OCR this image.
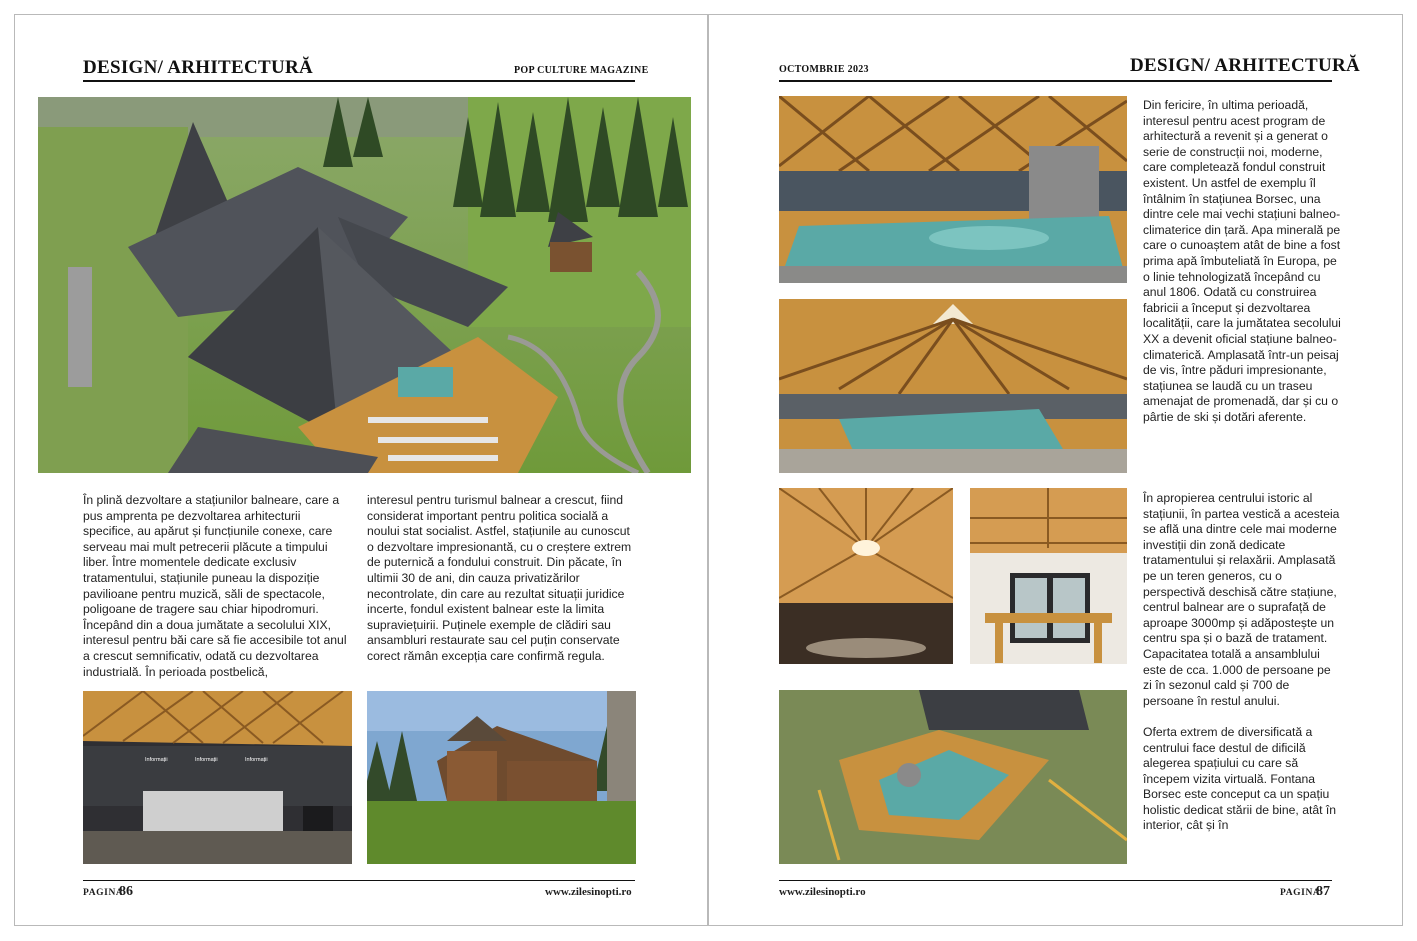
DESIGN/ ARHITECTURĂ	POP CULTURE MAGAZINE
În plină dezvoltare a stațiunilor balneare, care a pus amprenta pe dezvoltarea arhitecturii specifice, au apărut și funcțiunile conexe, care serveau mai mult petrecerii plăcute a timpului liber. Între momentele dedicate exclusiv tratamentului, stațiunile puneau la dispoziție pavilioane pentru muzică, săli de spectacole, poligoane de tragere sau chiar hipodromuri. Începând din a doua jumătate a secolului XIX, interesul pentru băi care să fie accesibile tot anul a crescut semnificativ, odată cu dezvoltarea industrială. În perioada postbelică,
interesul pentru turismul balnear a crescut, fiind considerat important pentru politica socială a noului stat socialist. Astfel, stațiunile au cunoscut o dezvoltare impresionantă, cu o creștere extrem de puternică a fondului construit. Din păcate, în ultimii 30 de ani, din cauza privatizărilor necontrolate, din care au rezultat situații juridice incerte, fondul existent balnear este la limita supraviețuirii. Puținele exemple de clădiri sau ansambluri restaurate sau cel puțin conservate corect rămân excepția care confirmă regula.
Informații	Informații	Informații
PAGINA
86	www.zilesinopti.ro
OCTOMBRIE 2023	DESIGN/ ARHITECTURĂ
Din fericire, în ultima perioadă, interesul pentru acest program de arhitectură a revenit și a generat o serie de construcții noi, moderne, care completează fondul construit existent. Un astfel de exemplu îl întâlnim în stațiunea Borsec, una dintre cele mai vechi stațiuni balneo-climaterice din țară. Apa minerală pe care o cunoaștem atât de bine a fost prima apă îmbuteliată în Europa, pe o linie tehnologizată începând cu anul 1806. Odată cu construirea fabricii a început și dezvoltarea localității, care la jumătatea secolului XX a devenit oficial stațiune balneo-climaterică. Amplasată într-un peisaj de vis, între păduri impresionante, stațiunea se laudă cu un traseu amenajat de promenadă, dar și cu o pârtie de ski și dotări aferente.
În apropierea centrului istoric al stațiunii, în partea vestică a acesteia se află una dintre cele mai moderne investiții din zonă dedicate tratamentului și relaxării. Amplasată pe un teren generos, cu o perspectivă deschisă către stațiune, centrul balnear are o suprafață de aproape 3000mp și adăpostește un centru spa și o bază de tratament. Capacitatea totală a ansamblului este de cca. 1.000 de persoane pe zi în sezonul cald și 700 de persoane în restul anului.

Oferta extrem de diversificată a centrului face destul de dificilă alegerea spațiului cu care să începem vizita virtuală. Fontana Borsec este conceput ca un spațiu holistic dedicat stării de bine, atât în interior, cât și în
www.zilesinopti.ro	PAGINA
87
